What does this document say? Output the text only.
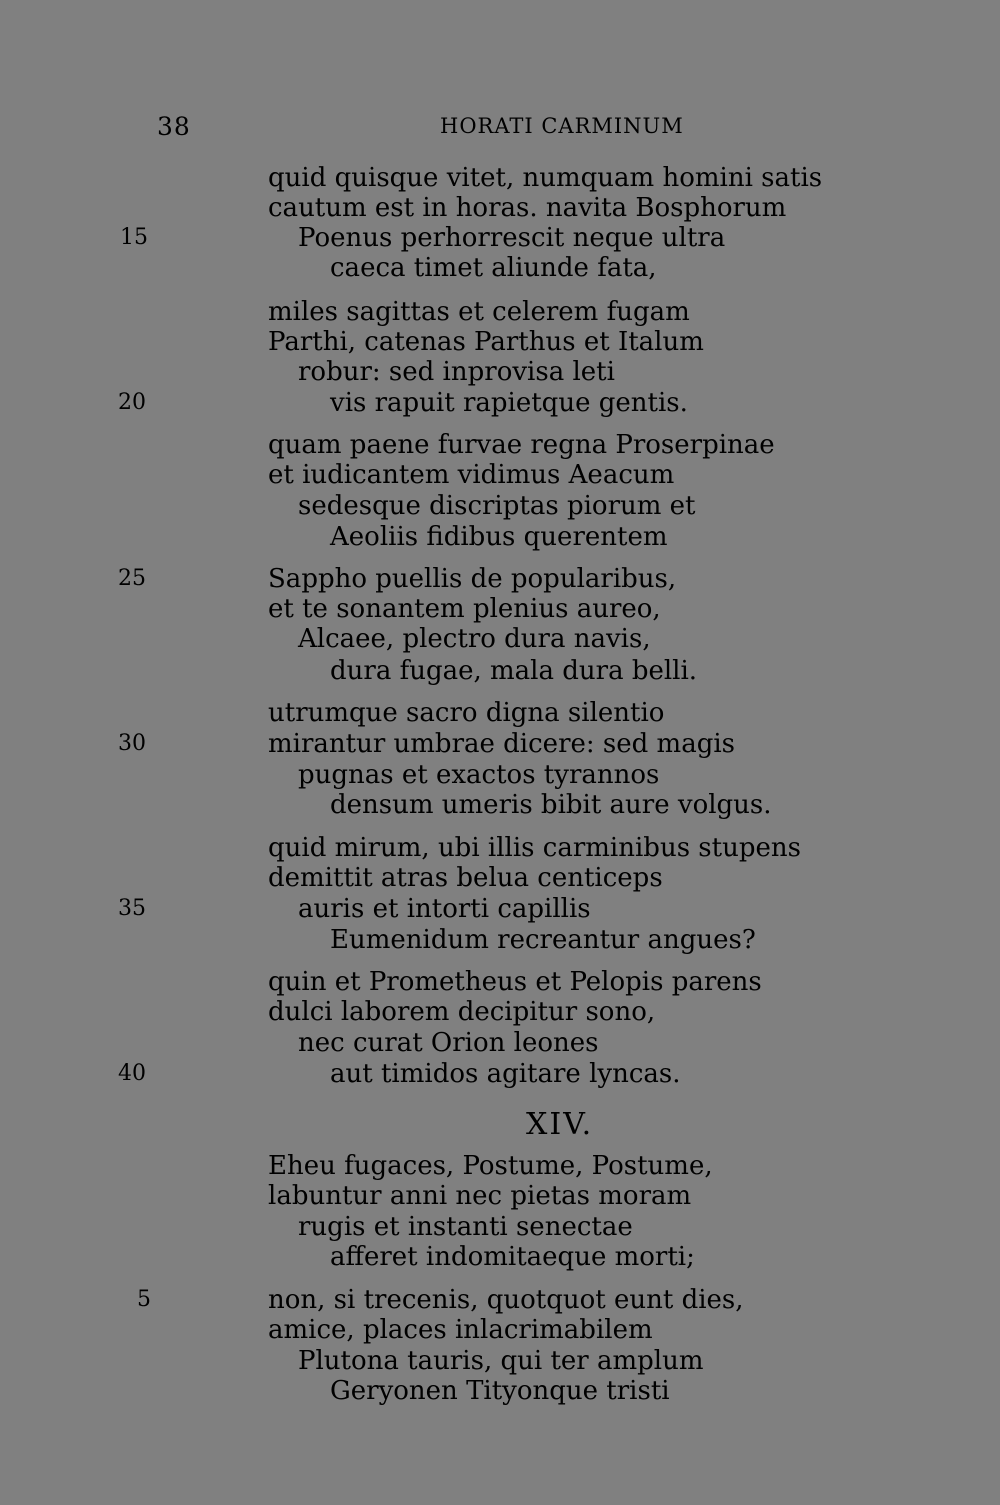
38	HORATI CARMINUM
quid quisque vitet, numquam homini satis
cautum est in horas. navita Bosphorum
Poenus perhorrescit neque ultra
caeca timet aliunde fata,
15
miles sagittas et celerem fugam
Parthi, catenas Parthus et Italum
robur: sed inprovisa leti
vis rapuit rapietque gentis.
20
quam paene furvae regna Proserpinae
et iudicantem vidimus Aeacum
sedesque discriptas piorum et
Aeoliis fidibus querentem
Sappho puellis de popularibus,
et te sonantem plenius aureo,
Alcaee, plectro dura navis,
dura fugae, mala dura belli.
25
utrumque sacro digna silentio
mirantur umbrae dicere: sed magis
pugnas et exactos tyrannos
densum umeris bibit aure volgus.
30
quid mirum, ubi illis carminibus stupens
demittit atras belua centiceps
auris et intorti capillis
Eumenidum recreantur angues?
35
quin et Prometheus et Pelopis parens
dulci laborem decipitur sono,
nec curat Orion leones
aut timidos agitare lyncas.
40
XIV.
Eheu fugaces, Postume, Postume,
labuntur anni nec pietas moram
rugis et instanti senectae
afferet indomitaeque morti;
non, si trecenis, quotquot eunt dies,
amice, places inlacrimabilem
Plutona tauris, qui ter amplum
Geryonen Tityonque tristi
5
